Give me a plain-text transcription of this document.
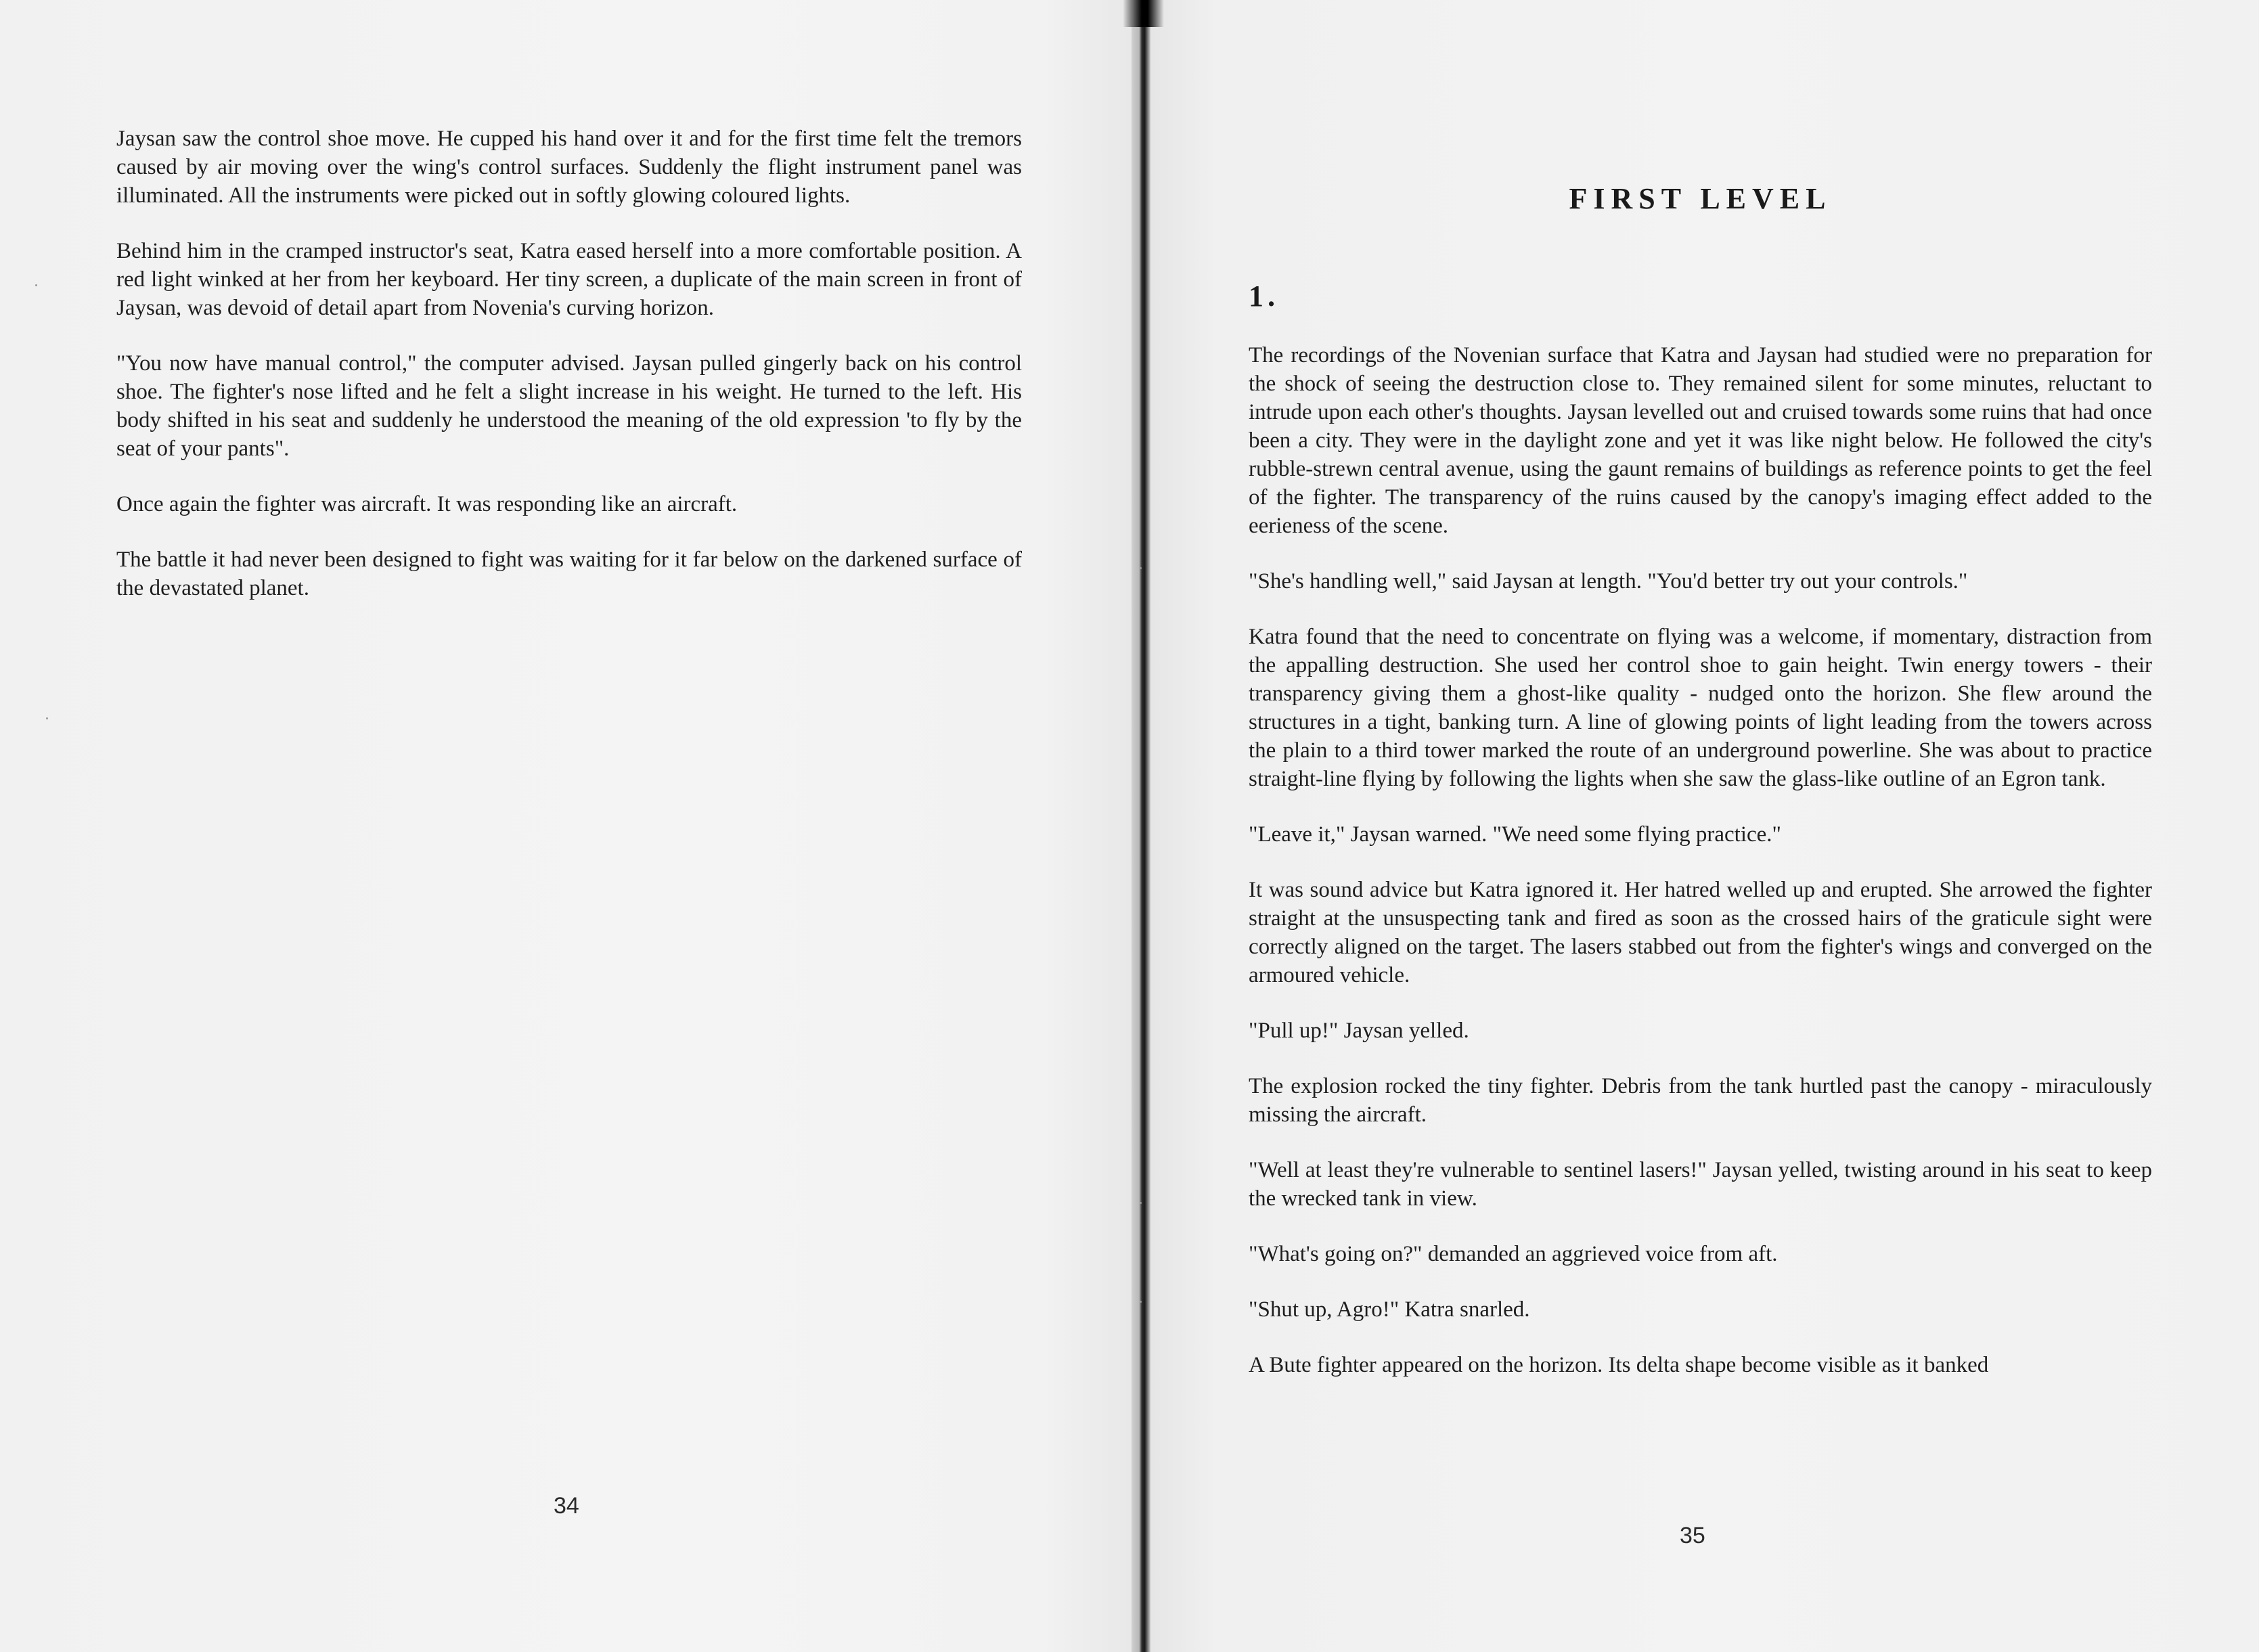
Jaysan saw the control shoe move. He cupped his hand over it and for the first time felt the tremors caused by air moving over the wing's control surfaces. Suddenly the flight instrument panel was illuminated. All the instruments were picked out in softly glowing coloured lights.

Behind him in the cramped instructor's seat, Katra eased herself into a more comfortable position. A red light winked at her from her keyboard. Her tiny screen, a duplicate of the main screen in front of Jaysan, was devoid of detail apart from Novenia's curving horizon.

"You now have manual control," the computer advised. Jaysan pulled gingerly back on his control shoe. The fighter's nose lifted and he felt a slight increase in his weight. He turned to the left. His body shifted in his seat and suddenly he understood the meaning of the old expression 'to fly by the seat of your pants".

Once again the fighter was aircraft. It was responding like an aircraft.

The battle it had never been designed to fight was waiting for it far below on the darkened surface of the devastated planet.

34

FIRST LEVEL
1.

The recordings of the Novenian surface that Katra and Jaysan had studied were no preparation for the shock of seeing the destruction close to. They remained silent for some minutes, reluctant to intrude upon each other's thoughts. Jaysan levelled out and cruised towards some ruins that had once been a city. They were in the daylight zone and yet it was like night below. He followed the city's rubble-strewn central avenue, using the gaunt remains of buildings as reference points to get the feel of the fighter. The transparency of the ruins caused by the canopy's imaging effect added to the eerieness of the scene.

"She's handling well," said Jaysan at length. "You'd better try out your controls."

Katra found that the need to concentrate on flying was a welcome, if momentary, distraction from the appalling destruction. She used her control shoe to gain height. Twin energy towers - their transparency giving them a ghost-like quality - nudged onto the horizon. She flew around the structures in a tight, banking turn. A line of glowing points of light leading from the towers across the plain to a third tower marked the route of an underground powerline. She was about to practice straight-line flying by following the lights when she saw the glass-like outline of an Egron tank.

"Leave it," Jaysan warned. "We need some flying practice."

It was sound advice but Katra ignored it. Her hatred welled up and erupted. She arrowed the fighter straight at the unsuspecting tank and fired as soon as the crossed hairs of the graticule sight were correctly aligned on the target. The lasers stabbed out from the fighter's wings and converged on the armoured vehicle.

"Pull up!" Jaysan yelled.

The explosion rocked the tiny fighter. Debris from the tank hurtled past the canopy - miraculously missing the aircraft.

"Well at least they're vulnerable to sentinel lasers!" Jaysan yelled, twisting around in his seat to keep the wrecked tank in view.

"What's going on?" demanded an aggrieved voice from aft.

"Shut up, Agro!" Katra snarled.

A Bute fighter appeared on the horizon. Its delta shape become visible as it banked

35
